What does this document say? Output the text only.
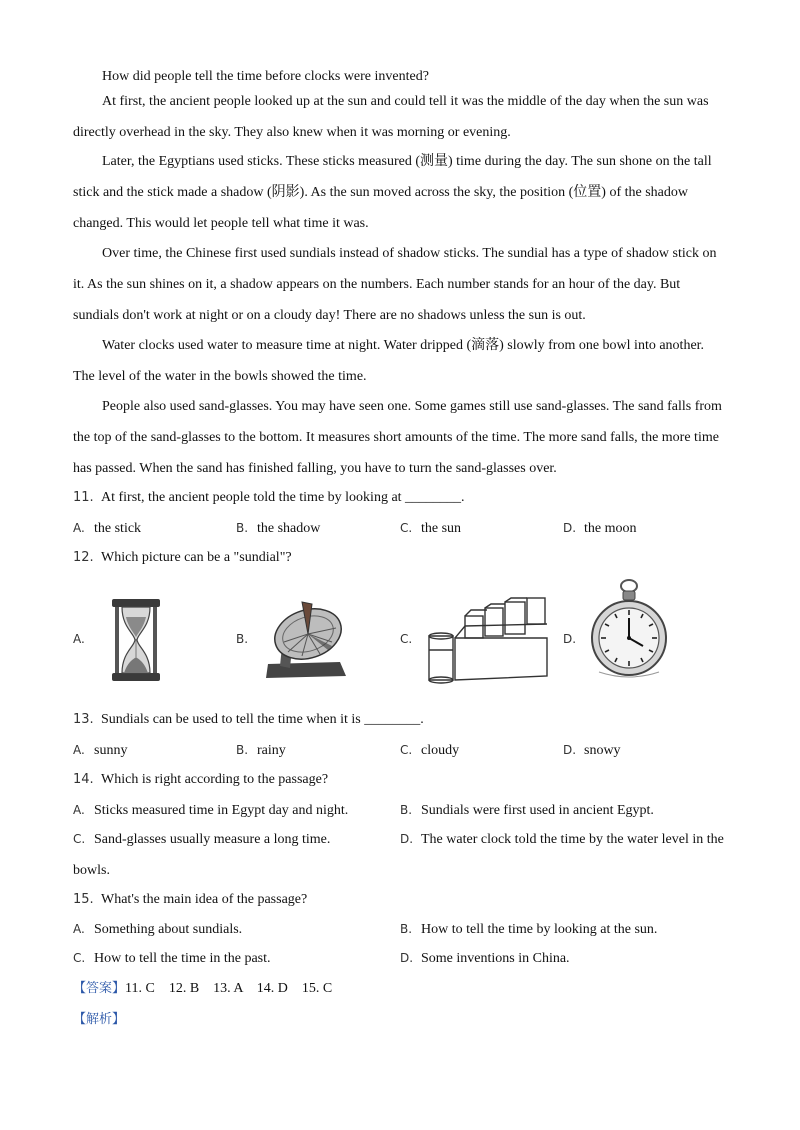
How did people tell the time before clocks were invented?

At first, the ancient people looked up at the sun and could tell it was the middle of the day when the sun was directly overhead in the sky. They also knew when it was morning or evening.

Later, the Egyptians used sticks. These sticks measured (测量) time during the day. The sun shone on the tall stick and the stick made a shadow (阴影). As the sun moved across the sky, the position (位置) of the shadow changed. This would let people tell what time it was.

Over time, the Chinese first used sundials instead of shadow sticks. The sundial has a type of shadow stick on it. As the sun shines on it, a shadow appears on the numbers. Each number stands for an hour of the day. But sundials don't work at night or on a cloudy day! There are no shadows unless the sun is out.

Water clocks used water to measure time at night. Water dripped (滴落) slowly from one bowl into another. The level of the water in the bowls showed the time.

People also used sand-glasses. You may have seen one. Some games still use sand-glasses. The sand falls from the top of the sand-glasses to the bottom. It measures short amounts of the time. The more sand falls, the more time has passed. When the sand has finished falling, you have to turn the sand-glasses over.

11. At first, the ancient people told the time by looking at ________.
A. the stick	B. the shadow	C. the sun	D. the moon
12. Which picture can be a "sundial"?
A.	B.	C.	D.
13. Sundials can be used to tell the time when it is ________.
A. sunny	B. rainy	C. cloudy	D. snowy
14. Which is right according to the passage?
A. Sticks measured time in Egypt day and night.	B. Sundials were first used in ancient Egypt.
C. Sand-glasses usually measure a long time.	D. The water clock told the time by the water level in the bowls.
15. What's the main idea of the passage?
A. Something about sundials.	B. How to tell the time by looking at the sun.
C. How to tell the time in the past.	D. Some inventions in China.
【答案】11. C    12. B    13. A    14. D    15. C
【解析】
